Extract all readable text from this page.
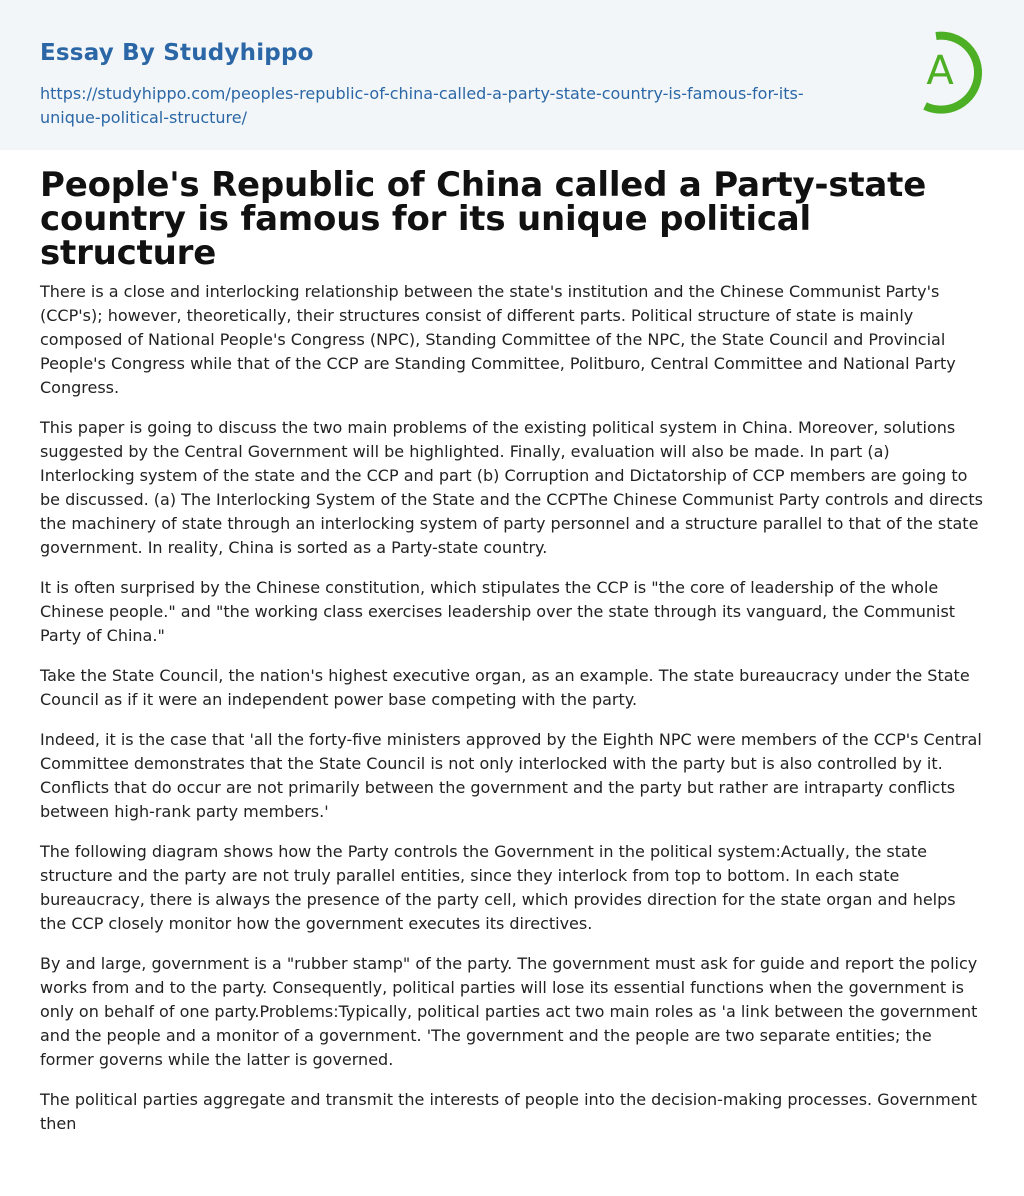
Essay By Studyhippo
https://studyhippo.com/peoples-republic-of-china-called-a-party-state-country-is-famous-for-its-unique-political-structure/
A
People's Republic of China called a Party-state country is famous for its unique political structure

There is a close and interlocking relationship between the state's institution and the Chinese Communist Party's (CCP's); however, theoretically, their structures consist of different parts. Political structure of state is mainly composed of National People's Congress (NPC), Standing Committee of the NPC, the State Council and Provincial People's Congress while that of the CCP are Standing Committee, Politburo, Central Committee and National Party Congress.

This paper is going to discuss the two main problems of the existing political system in China. Moreover, solutions suggested by the Central Government will be highlighted. Finally, evaluation will also be made. In part (a) Interlocking system of the state and the CCP and part (b) Corruption and Dictatorship of CCP members are going to be discussed. (a) The Interlocking System of the State and the CCPThe Chinese Communist Party controls and directs the machinery of state through an interlocking system of party personnel and a structure parallel to that of the state government. In reality, China is sorted as a Party-state country.

It is often surprised by the Chinese constitution, which stipulates the CCP is "the core of leadership of the whole Chinese people." and "the working class exercises leadership over the state through its vanguard, the Communist Party of China."

Take the State Council, the nation's highest executive organ, as an example. The state bureaucracy under the State Council as if it were an independent power base competing with the party.

Indeed, it is the case that 'all the forty-five ministers approved by the Eighth NPC were members of the CCP's Central Committee demonstrates that the State Council is not only interlocked with the party but is also controlled by it. Conflicts that do occur are not primarily between the government and the party but rather are intraparty conflicts between high-rank party members.'

The following diagram shows how the Party controls the Government in the political system:Actually, the state structure and the party are not truly parallel entities, since they interlock from top to bottom. In each state bureaucracy, there is always the presence of the party cell, which provides direction for the state organ and helps the CCP closely monitor how the government executes its directives.

By and large, government is a "rubber stamp" of the party. The government must ask for guide and report the policy works from and to the party. Consequently, political parties will lose its essential functions when the government is only on behalf of one party.Problems:Typically, political parties act two main roles as 'a link between the government and the people and a monitor of a government. 'The government and the people are two separate entities; the former governs while the latter is governed.

The political parties aggregate and transmit the interests of people into the decision-making processes. Government then
